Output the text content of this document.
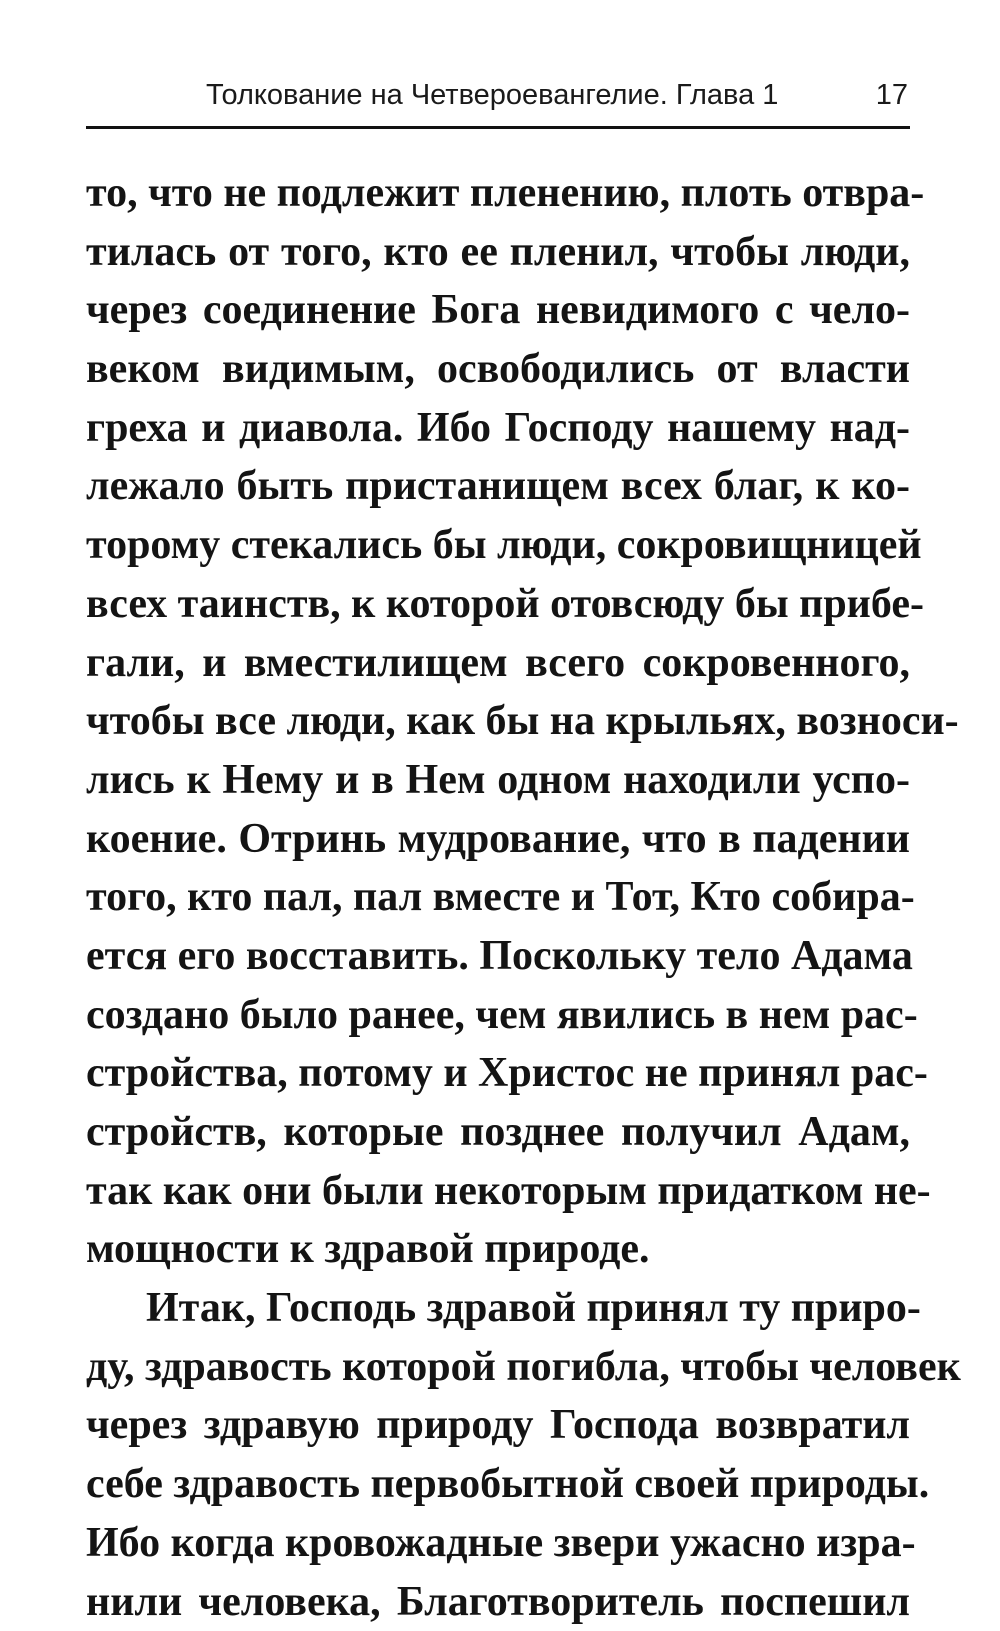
Толкование на Четвероевангелие. Глава 1	17
то, что не подлежит пленению, плоть отвра-
тилась от того, кто ее пленил, чтобы люди,
через соединение Бога невидимого с чело-
веком видимым, освободились от власти
греха и диавола. Ибо Господу нашему над-
лежало быть пристанищем всех благ, к ко-
торому стекались бы люди, сокровищницей
всех таинств, к которой отовсюду бы прибе-
гали, и вместилищем всего сокровенного,
чтобы все люди, как бы на крыльях, возноси-
лись к Нему и в Нем одном находили успо-
коение. Отринь мудрование, что в падении
того, кто пал, пал вместе и Тот, Кто собира-
ется его восставить. Поскольку тело Адама
создано было ранее, чем явились в нем рас-
стройства, потому и Христос не принял рас-
стройств, которые позднее получил Адам,
так как они были некоторым придатком не-
мощности к здравой природе.
Итак, Господь здравой принял ту приро-
ду, здравость которой погибла, чтобы человек
через здравую природу Господа возвратил
себе здравость первобытной своей природы.
Ибо когда кровожадные звери ужасно изра-
нили человека, Благотворитель поспешил
